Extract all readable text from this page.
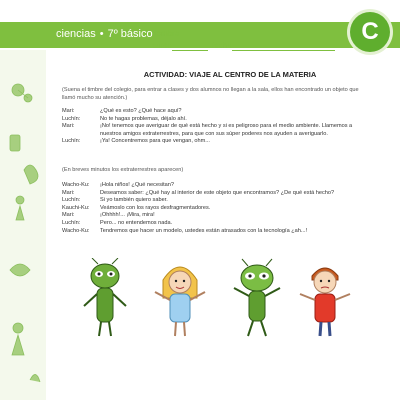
ciencias • 7º básico nombre
curso	fecha
C
ACTIVIDAD: VIAJE AL CENTRO DE LA MATERIA
(Suena el timbre del colegio, para entrar a clases y dos alumnos no llegan a la sala, ellos han encontrado un objeto que llamó mucho su atención.)
Mari:	¿Qué es esto? ¿Qué hace aquí?
Luchín:	No te hagas problemas, déjalo ahí.
Mari:	¡No! tenemos que averiguar de qué está hecho y si es peligroso para el medio ambiente. Llamemos a nuestros amigos extraterrestres, para que con sus súper poderes nos ayuden a averiguarlo.
Luchín:	¡Ya! Concentremos para que vengan, ohm...
(En breves minutos los extraterrestres aparecen)
Wacho-Ku:	¡Hola niños! ¿Qué necesitan?
Mari:	Deseamos saber: ¿Qué hay al interior de este objeto que encontramos? ¿De qué está hecho?
Luchín:	Si yo también quiero saber.
Kauchi-Ku:	Veámoslo con los rayos desfragmentadores.
Mari:	¡Ohhhh!... ¡Mira, mira!
Luchín:	Pero... no entendemos nada.
Wacho-Ku:	Tendremos que hacer un modelo, ustedes están atrasados con la tecnología ¿ah...!
